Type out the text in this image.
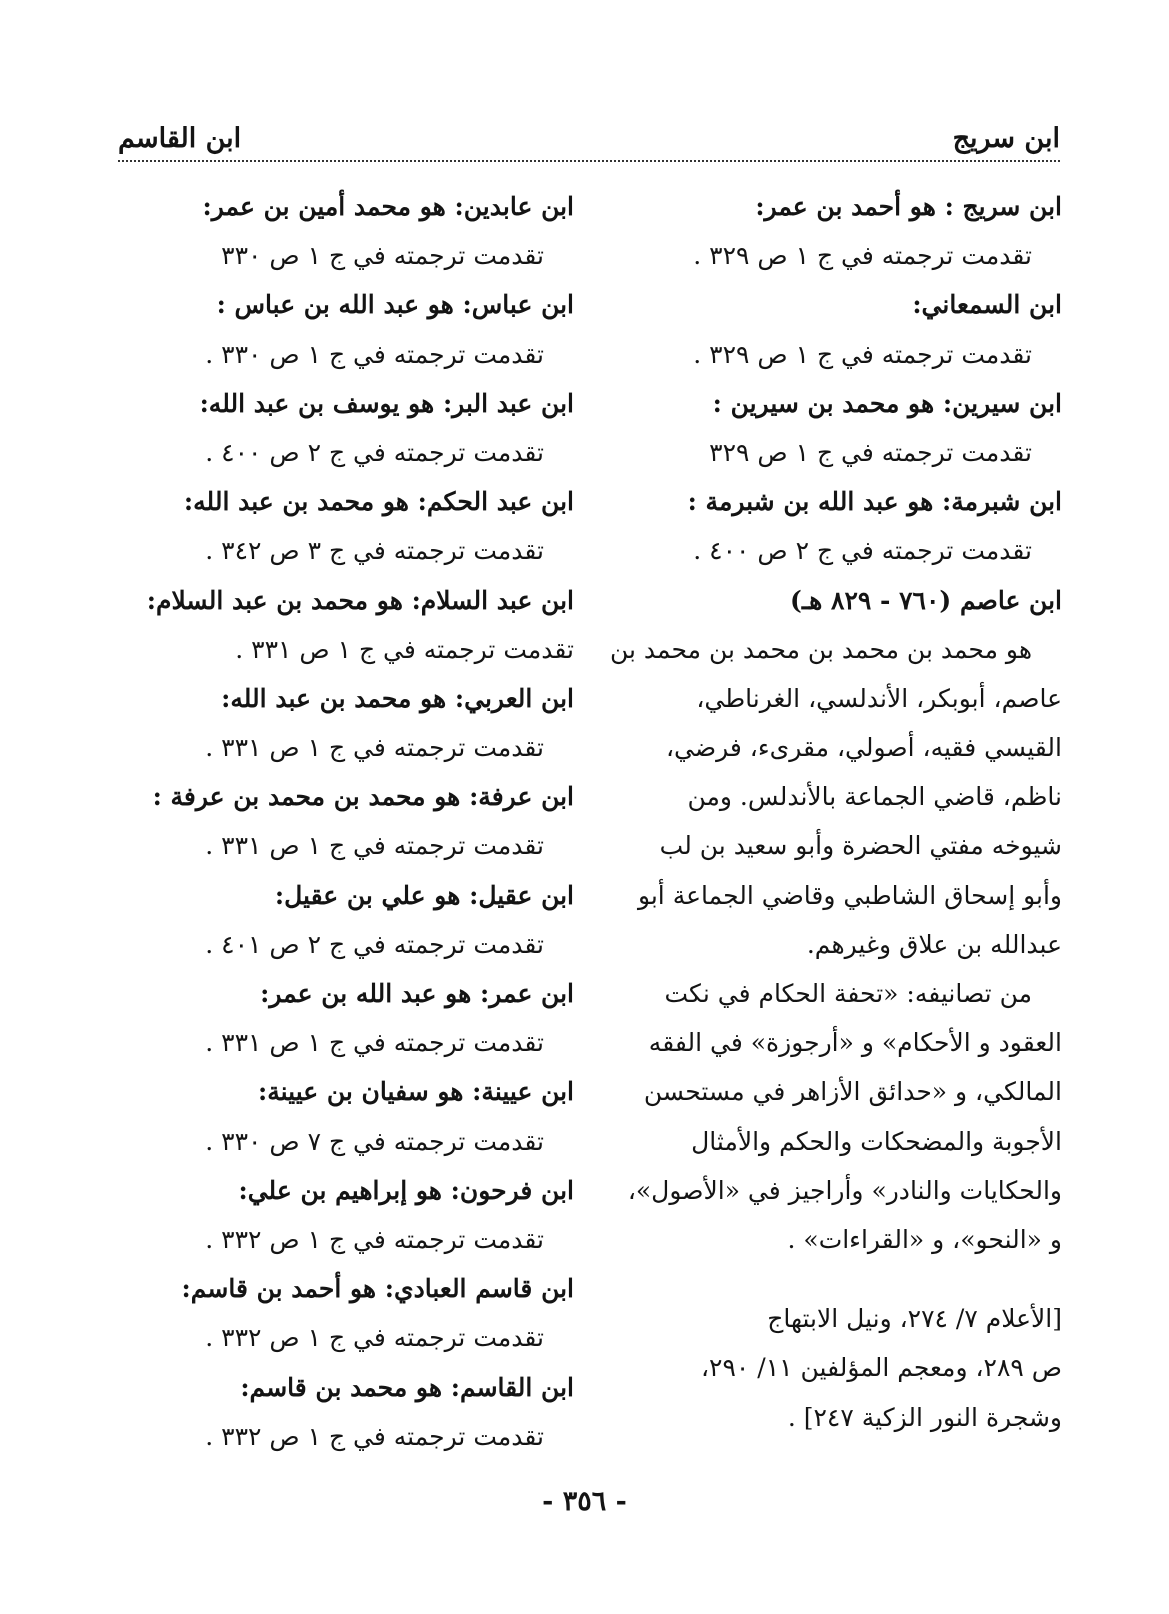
ابن القاسم	ابن سريج
ابن سريج : هو أحمد بن عمر:
تقدمت ترجمته في ج ١ ص ٣٢٩ .
ابن السمعاني:
تقدمت ترجمته في ج ١ ص ٣٢٩ .
ابن سيرين: هو محمد بن سيرين :
تقدمت ترجمته في ج ١ ص ٣٢٩
ابن شبرمة: هو عبد الله بن شبرمة :
تقدمت ترجمته في ج ٢ ص ٤٠٠ .
ابن عاصم (٧٦٠ - ٨٢٩ هـ)
هو محمد بن محمد بن محمد بن محمد بن
عاصم، أبوبكر، الأندلسي، الغرناطي،
القيسي فقيه، أصولي، مقرىء، فرضي،
ناظم، قاضي الجماعة بالأندلس. ومن
شيوخه مفتي الحضرة وأبو سعيد بن لب
وأبو إسحاق الشاطبي وقاضي الجماعة أبو
عبدالله بن علاق وغيرهم.
من تصانيفه: «تحفة الحكام في نكت
العقود و الأحكام» و «أرجوزة» في الفقه
المالكي، و «حدائق الأزاهر في مستحسن
الأجوبة والمضحكات والحكم والأمثال
والحكايات والنادر» وأراجيز في «الأصول»،
و «النحو»، و «القراءات» .
[الأعلام ٧/ ٢٧٤، ونيل الابتهاج
ص ٢٨٩، ومعجم المؤلفين ١١/ ٢٩٠،
وشجرة النور الزكية ٢٤٧] .
ابن عابدين: هو محمد أمين بن عمر:
تقدمت ترجمته في ج ١ ص ٣٣٠
ابن عباس: هو عبد الله بن عباس :
تقدمت ترجمته في ج ١ ص ٣٣٠ .
ابن عبد البر: هو يوسف بن عبد الله:
تقدمت ترجمته في ج ٢ ص ٤٠٠ .
ابن عبد الحكم: هو محمد بن عبد الله:
تقدمت ترجمته في ج ٣ ص ٣٤٢ .
ابن عبد السلام: هو محمد بن عبد السلام:
تقدمت ترجمته في ج ١ ص ٣٣١ .
ابن العربي: هو محمد بن عبد الله:
تقدمت ترجمته في ج ١ ص ٣٣١ .
ابن عرفة: هو محمد بن محمد بن عرفة :
تقدمت ترجمته في ج ١ ص ٣٣١ .
ابن عقيل: هو علي بن عقيل:
تقدمت ترجمته في ج ٢ ص ٤٠١ .
ابن عمر: هو عبد الله بن عمر:
تقدمت ترجمته في ج ١ ص ٣٣١ .
ابن عيينة: هو سفيان بن عيينة:
تقدمت ترجمته في ج ٧ ص ٣٣٠ .
ابن فرحون: هو إبراهيم بن علي:
تقدمت ترجمته في ج ١ ص ٣٣٢ .
ابن قاسم العبادي: هو أحمد بن قاسم:
تقدمت ترجمته في ج ١ ص ٣٣٢ .
ابن القاسم: هو محمد بن قاسم:
تقدمت ترجمته في ج ١ ص ٣٣٢ .
- ٣٥٦ -
